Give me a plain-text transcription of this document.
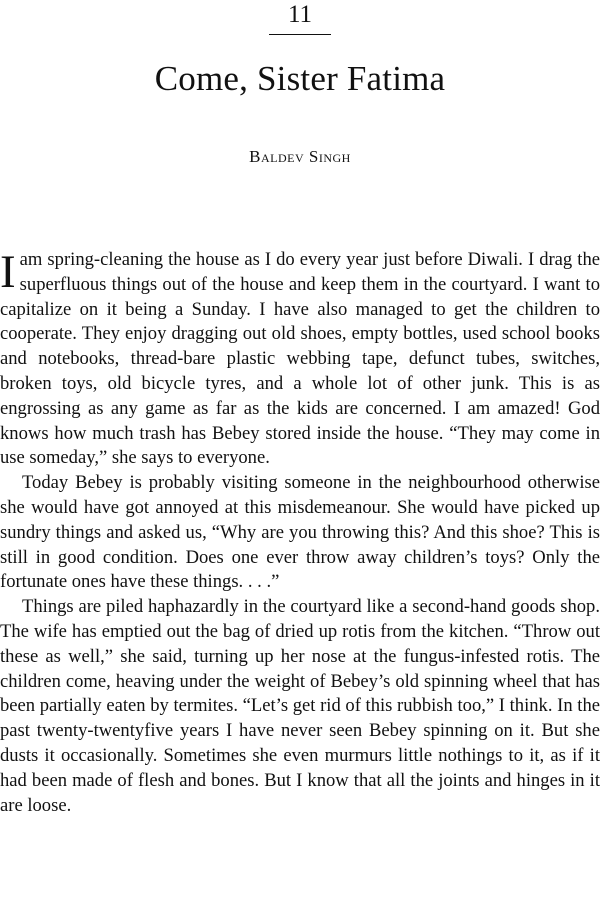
11
Come, Sister Fatima
Baldev Singh

I am spring-cleaning the house as I do every year just before Diwali. I drag the superfluous things out of the house and keep them in the courtyard. I want to capitalize on it being a Sunday. I have also managed to get the children to cooperate. They enjoy dragging out old shoes, empty bottles, used school books and notebooks, thread-bare plastic webbing tape, defunct tubes, switches, broken toys, old bicycle tyres, and a whole lot of other junk. This is as engrossing as any game as far as the kids are concerned. I am amazed! God knows how much trash has Bebey stored inside the house. “They may come in use someday,” she says to everyone.

Today Bebey is probably visiting someone in the neighbourhood otherwise she would have got annoyed at this misdemeanour. She would have picked up sundry things and asked us, “Why are you throwing this? And this shoe? This is still in good condition. Does one ever throw away children’s toys? Only the fortunate ones have these things. . . .”

Things are piled haphazardly in the courtyard like a second-hand goods shop. The wife has emptied out the bag of dried up rotis from the kitchen. “Throw out these as well,” she said, turning up her nose at the fungus-infested rotis. The children come, heaving under the weight of Bebey’s old spinning wheel that has been partially eaten by termites. “Let’s get rid of this rubbish too,” I think. In the past twenty-twentyfive years I have never seen Bebey spinning on it. But she dusts it occasionally. Sometimes she even murmurs little nothings to it, as if it had been made of flesh and bones. But I know that all the joints and hinges in it are loose.
